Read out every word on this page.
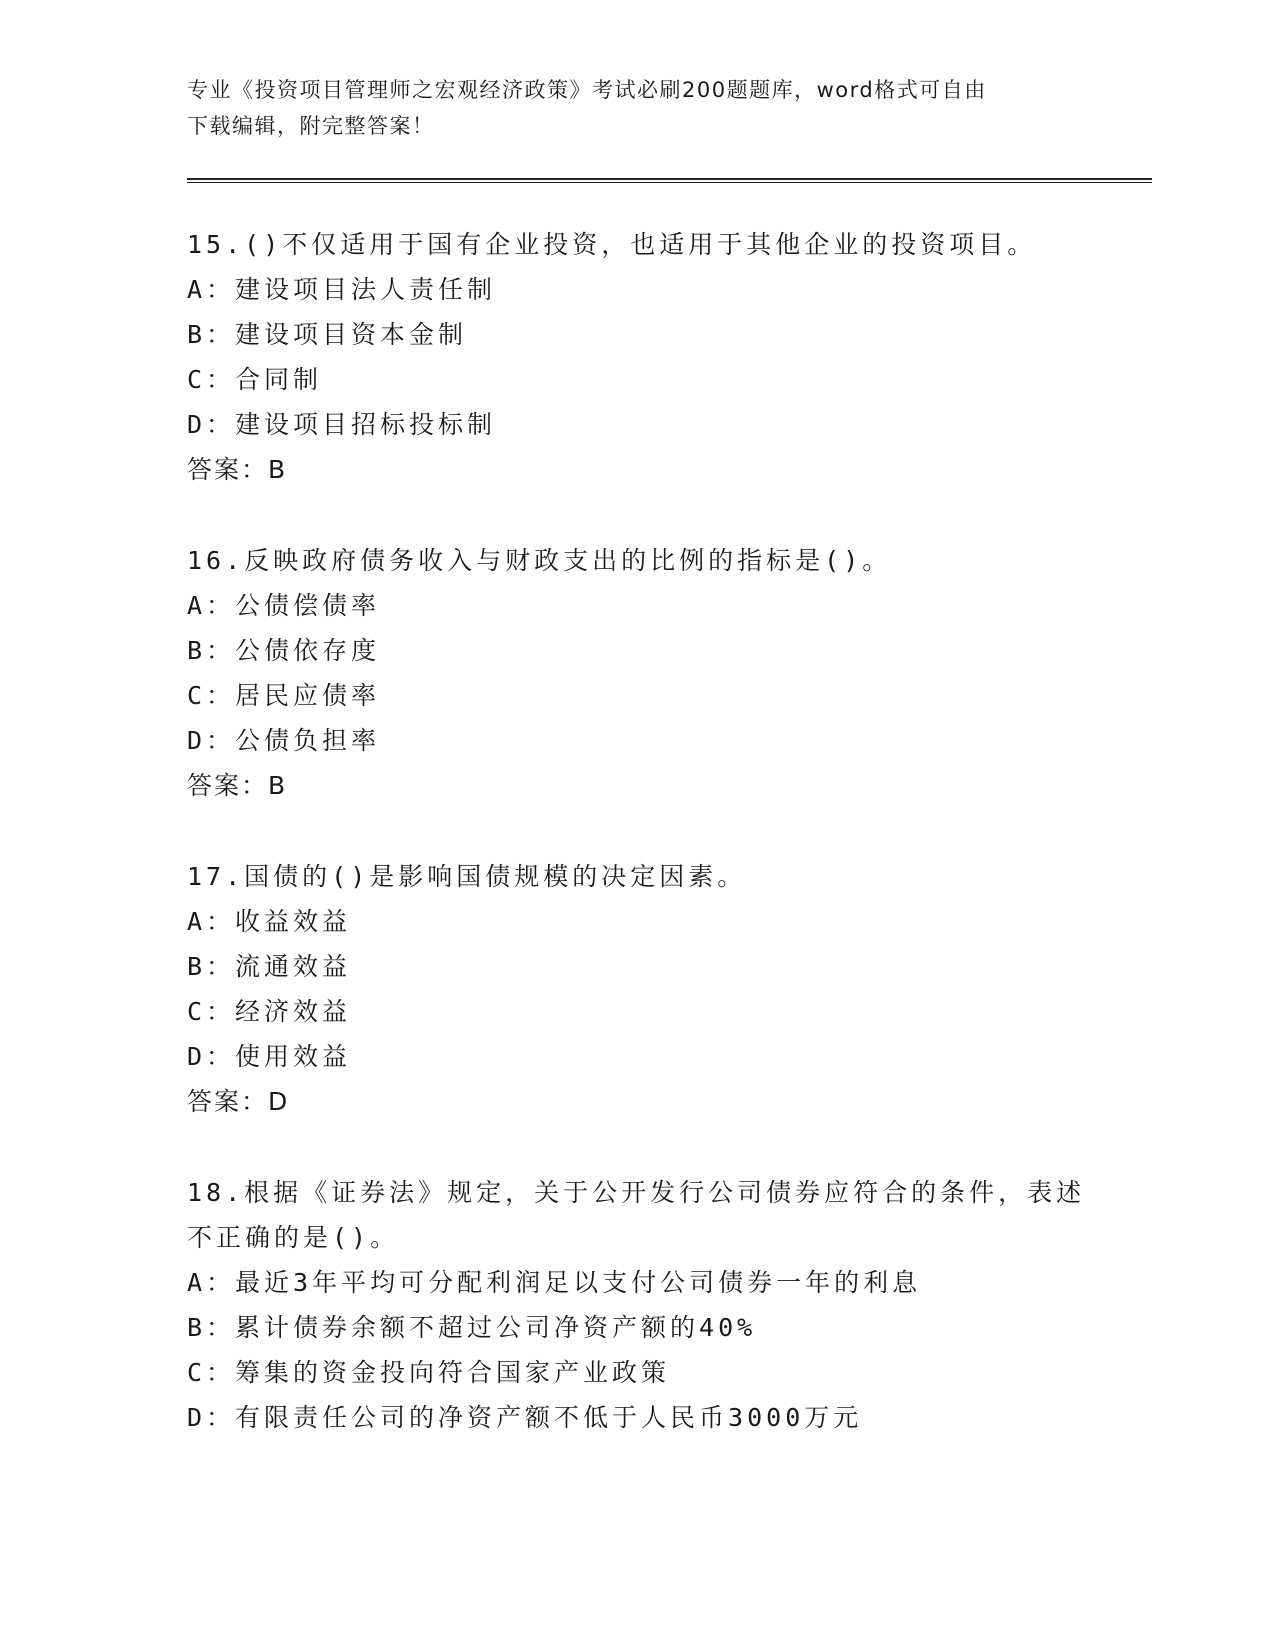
专业《投资项目管理师之宏观经济政策》考试必刷200题题库，word格式可自由
下载编辑，附完整答案！
15.()不仅适用于国有企业投资，也适用于其他企业的投资项目。
A：建设项目法人责任制
B：建设项目资本金制
C：合同制
D：建设项目招标投标制
答案：B
16.反映政府债务收入与财政支出的比例的指标是()。
A：公债偿债率
B：公债依存度
C：居民应债率
D：公债负担率
答案：B
17.国债的()是影响国债规模的决定因素。
A：收益效益
B：流通效益
C：经济效益
D：使用效益
答案：D
18.根据《证券法》规定，关于公开发行公司债券应符合的条件，表述
不正确的是()。
A：最近3年平均可分配利润足以支付公司债券一年的利息
B：累计债券余额不超过公司净资产额的40%
C：筹集的资金投向符合国家产业政策
D：有限责任公司的净资产额不低于人民币3000万元
